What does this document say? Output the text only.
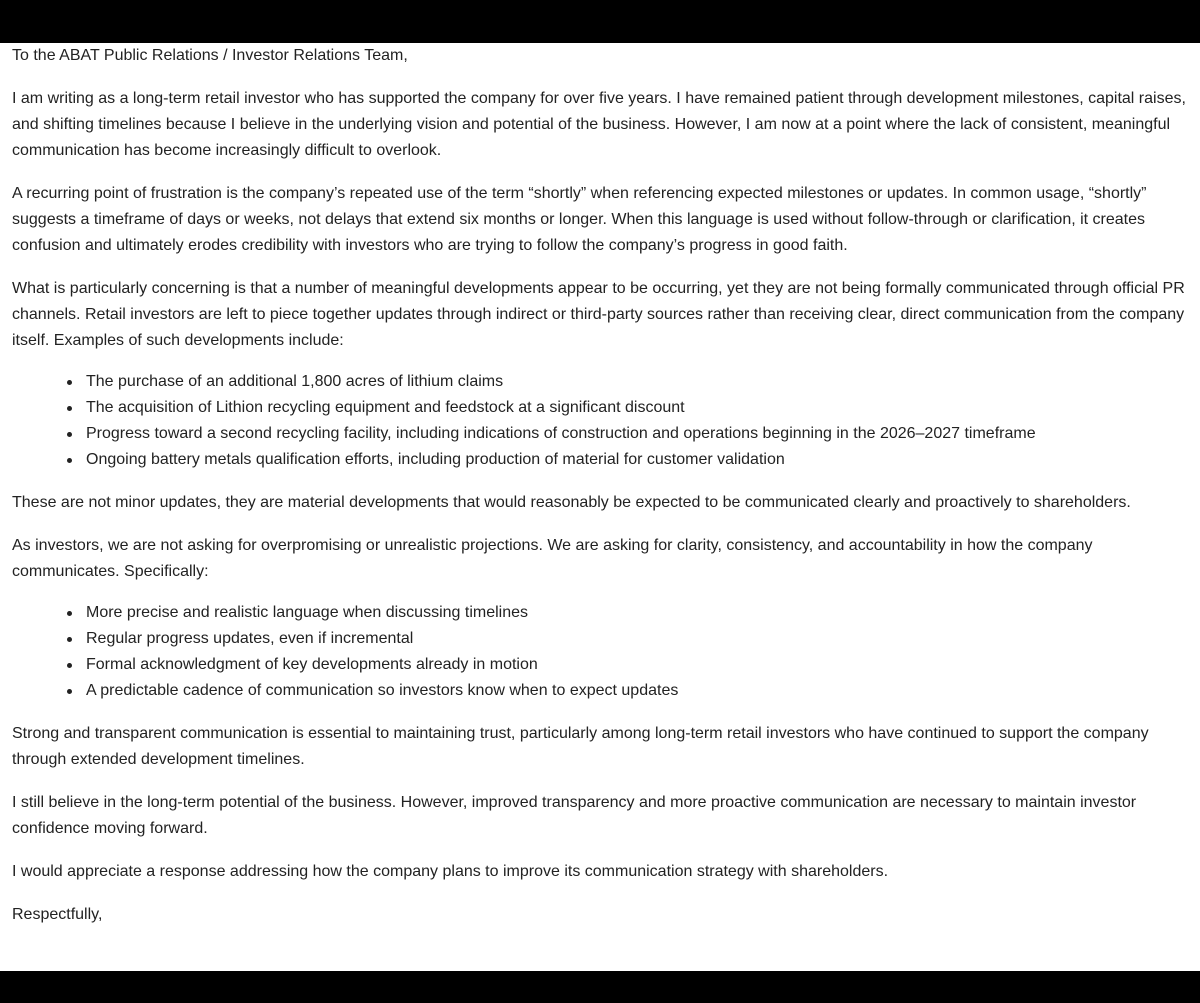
To the ABAT Public Relations / Investor Relations Team,

I am writing as a long-term retail investor who has supported the company for over five years. I have remained patient through development milestones, capital raises, and shifting timelines because I believe in the underlying vision and potential of the business. However, I am now at a point where the lack of consistent, meaningful communication has become increasingly difficult to overlook.

A recurring point of frustration is the company’s repeated use of the term “shortly” when referencing expected milestones or updates. In common usage, “shortly” suggests a timeframe of days or weeks, not delays that extend six months or longer. When this language is used without follow-through or clarification, it creates confusion and ultimately erodes credibility with investors who are trying to follow the company’s progress in good faith.

What is particularly concerning is that a number of meaningful developments appear to be occurring, yet they are not being formally communicated through official PR channels. Retail investors are left to piece together updates through indirect or third-party sources rather than receiving clear, direct communication from the company itself. Examples of such developments include:

The purchase of an additional 1,800 acres of lithium claims
The acquisition of Lithion recycling equipment and feedstock at a significant discount
Progress toward a second recycling facility, including indications of construction and operations beginning in the 2026–2027 timeframe
Ongoing battery metals qualification efforts, including production of material for customer validation

These are not minor updates, they are material developments that would reasonably be expected to be communicated clearly and proactively to shareholders.

As investors, we are not asking for overpromising or unrealistic projections. We are asking for clarity, consistency, and accountability in how the company communicates. Specifically:

More precise and realistic language when discussing timelines
Regular progress updates, even if incremental
Formal acknowledgment of key developments already in motion
A predictable cadence of communication so investors know when to expect updates

Strong and transparent communication is essential to maintaining trust, particularly among long-term retail investors who have continued to support the company through extended development timelines.

I still believe in the long-term potential of the business. However, improved transparency and more proactive communication are necessary to maintain investor confidence moving forward.

I would appreciate a response addressing how the company plans to improve its communication strategy with shareholders.

Respectfully,
